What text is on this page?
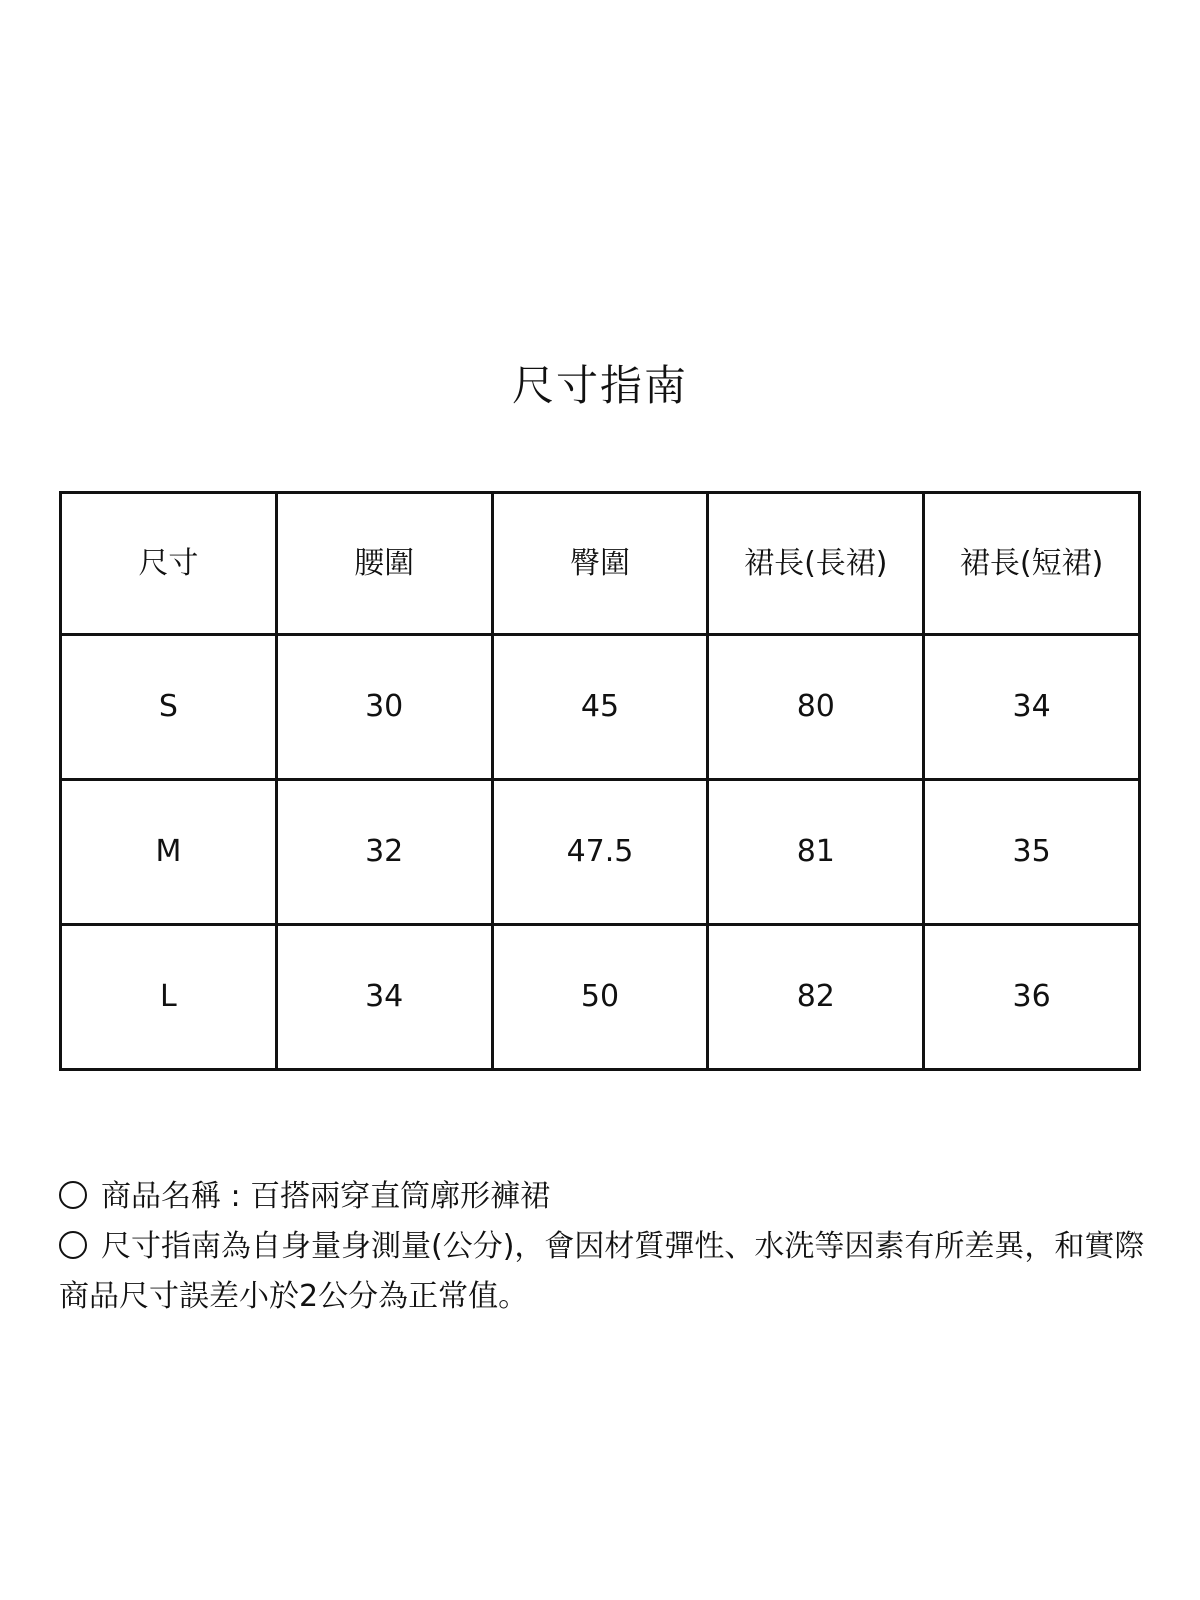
尺寸指南
尺寸	腰圍	臀圍	裙長(長裙)	裙長(短裙)
S	30	45	80	34
M	32	47.5	81	35
L	34	50	82	36

商品名稱 : 百搭兩穿直筒廓形褲裙

尺寸指南為自身量身測量(公分)，會因材質彈性、水洗等因素有所差異，和實際商品尺寸誤差小於2公分為正常值。
